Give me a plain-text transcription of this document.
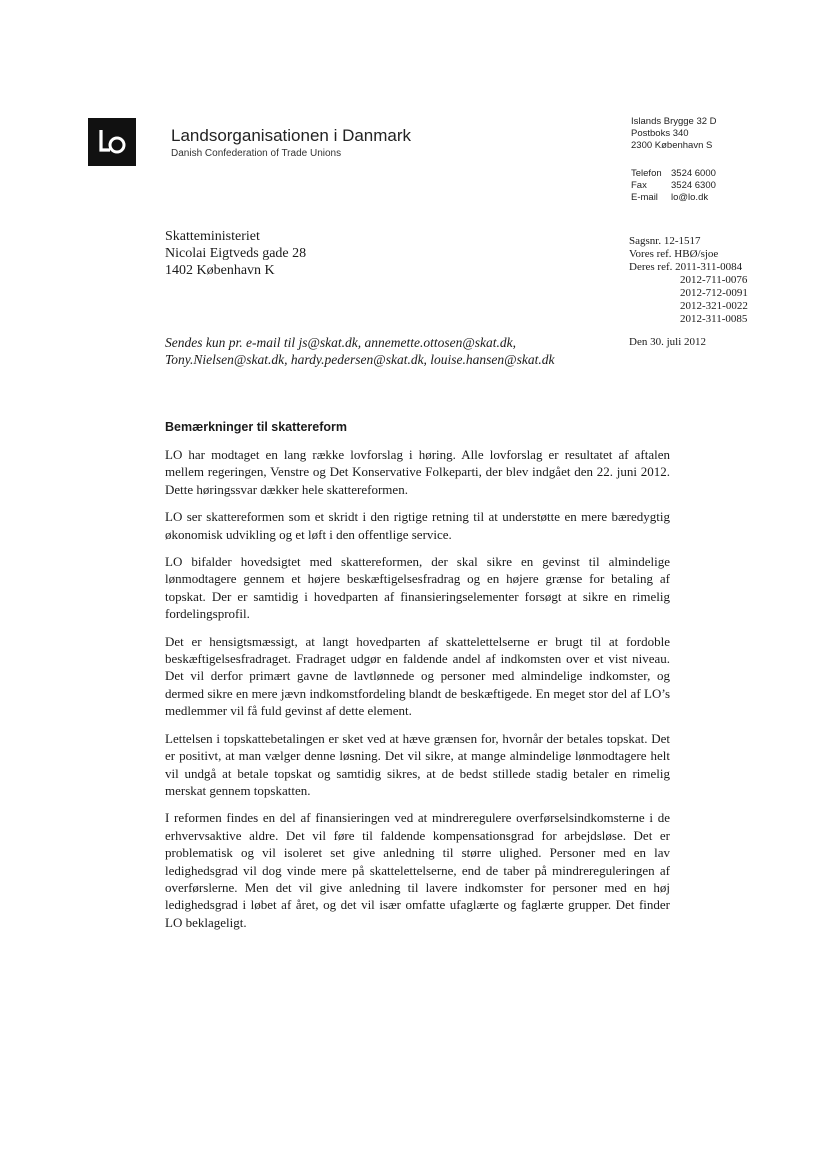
Landsorganisationen i Danmark
Danish Confederation of Trade Unions
Islands Brygge 32 D
Postboks 340
2300 København S
Telefon 3524 6000
Fax	3524 6300
E-mail lo@lo.dk
Skatteministeriet
Nicolai Eigtveds gade 28
1402 København K
Sagsnr. 12-1517
Vores ref. HBØ/sjoe
Deres ref. 2011-311-0084
2012-711-0076
2012-712-0091
2012-321-0022
2012-311-0085
Sendes kun pr. e-mail til js@skat.dk, annemette.ottosen@skat.dk,
Tony.Nielsen@skat.dk, hardy.pedersen@skat.dk, louise.hansen@skat.dk
Den 30. juli 2012
Bemærkninger til skattereform

LO har modtaget en lang række lovforslag i høring. Alle lovforslag er resultatet af aftalen mellem regeringen, Venstre og Det Konservative Folkeparti, der blev indgået den 22. juni 2012. Dette høringssvar dækker hele skattereformen.

LO ser skattereformen som et skridt i den rigtige retning til at understøtte en mere bæredygtig økonomisk udvikling og et løft i den offentlige service.

LO bifalder hovedsigtet med skattereformen, der skal sikre en gevinst til almindelige lønmodtagere gennem et højere beskæftigelsesfradrag og en højere grænse for betaling af topskat. Der er samtidig i hovedparten af finansieringselementer forsøgt at sikre en rimelig fordelingsprofil.

Det er hensigtsmæssigt, at langt hovedparten af skattelettelserne er brugt til at fordoble beskæftigelsesfradraget. Fradraget udgør en faldende andel af indkomsten over et vist niveau. Det vil derfor primært gavne de lavtlønnede og personer med almindelige indkomster, og dermed sikre en mere jævn indkomstfordeling blandt de beskæftigede. En meget stor del af LO’s medlemmer vil få fuld gevinst af dette element.

Lettelsen i topskattebetalingen er sket ved at hæve grænsen for, hvornår der betales topskat. Det er positivt, at man vælger denne løsning. Det vil sikre, at mange almindelige lønmodtagere helt vil undgå at betale topskat og samtidig sikres, at de bedst stillede stadig betaler en rimelig merskat gennem topskatten.

I reformen findes en del af finansieringen ved at mindreregulere overførselsindkomsterne i de erhvervsaktive aldre. Det vil føre til faldende kompensationsgrad for arbejdsløse. Det er problematisk og vil isoleret set give anledning til større ulighed. Personer med en lav ledighedsgrad vil dog vinde mere på skattelettelserne, end de taber på mindrereguleringen af overførslerne. Men det vil give anledning til lavere indkomster for personer med en høj ledighedsgrad i løbet af året, og det vil især omfatte ufaglærte og faglærte grupper. Det finder LO beklageligt.
